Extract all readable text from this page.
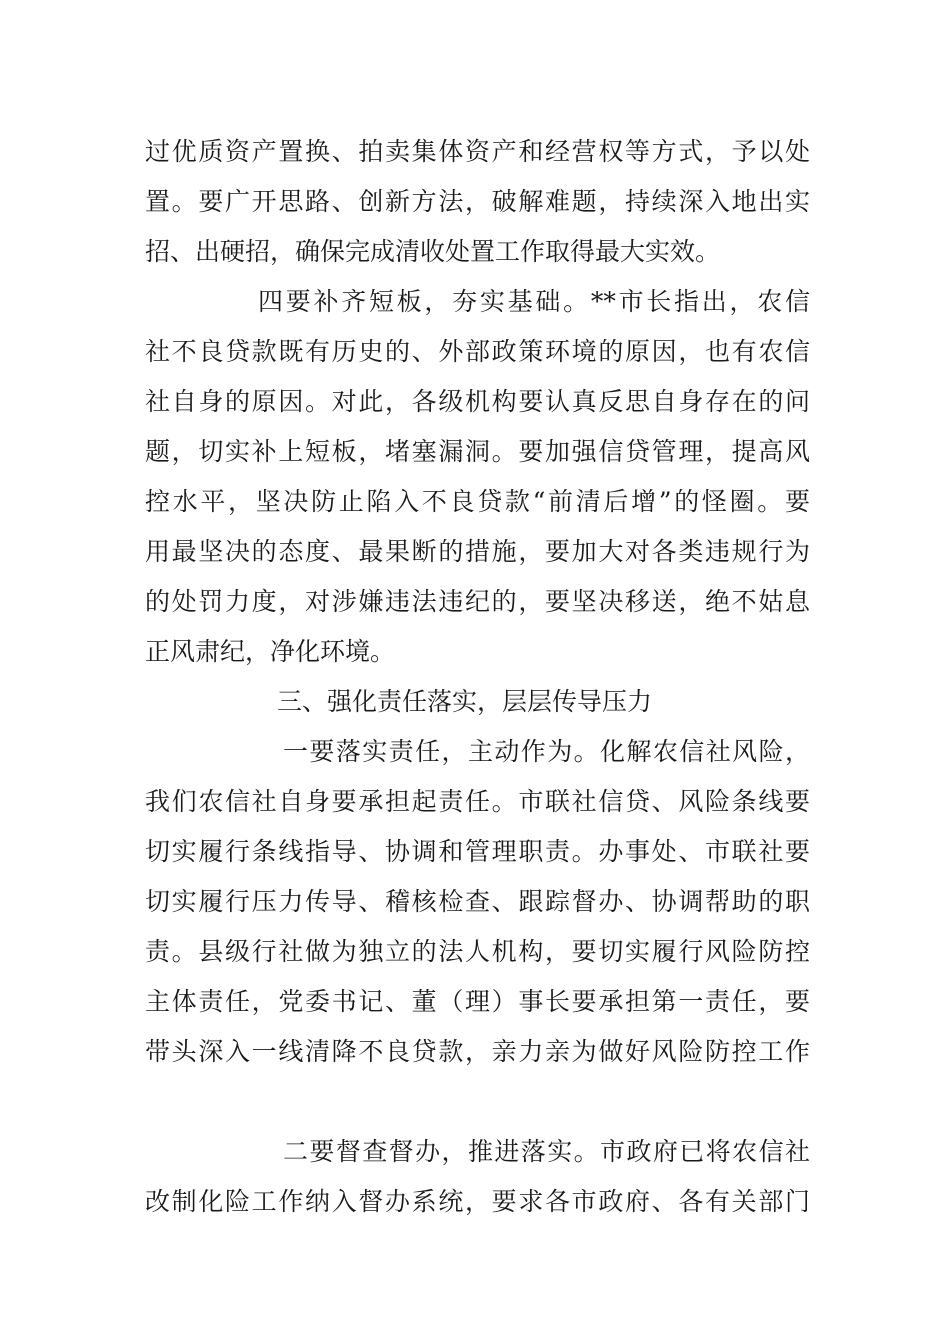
过优质资产置换、拍卖集体资产和经营权等方式，予以处
置。要广开思路、创新方法，破解难题，持续深入地出实
招、出硬招，确保完成清收处置工作取得最大实效。
四要补齐短板，夯实基础。**市长指出，农信
社不良贷款既有历史的、外部政策环境的原因，也有农信
社自身的原因。对此，各级机构要认真反思自身存在的问
题，切实补上短板，堵塞漏洞。要加强信贷管理，提高风
控水平，坚决防止陷入不良贷款“前清后增”的怪圈。要
用最坚决的态度、最果断的措施，要加大对各类违规行为
的处罚力度，对涉嫌违法违纪的，要坚决移送，绝不姑息
正风肃纪，净化环境。
三、强化责任落实，层层传导压力
一要落实责任，主动作为。化解农信社风险，
我们农信社自身要承担起责任。市联社信贷、风险条线要
切实履行条线指导、协调和管理职责。办事处、市联社要
切实履行压力传导、稽核检查、跟踪督办、协调帮助的职
责。县级行社做为独立的法人机构，要切实履行风险防控
主体责任，党委书记、董（理）事长要承担第一责任，要
带头深入一线清降不良贷款，亲力亲为做好风险防控工作
二要督查督办，推进落实。市政府已将农信社
改制化险工作纳入督办系统，要求各市政府、各有关部门
